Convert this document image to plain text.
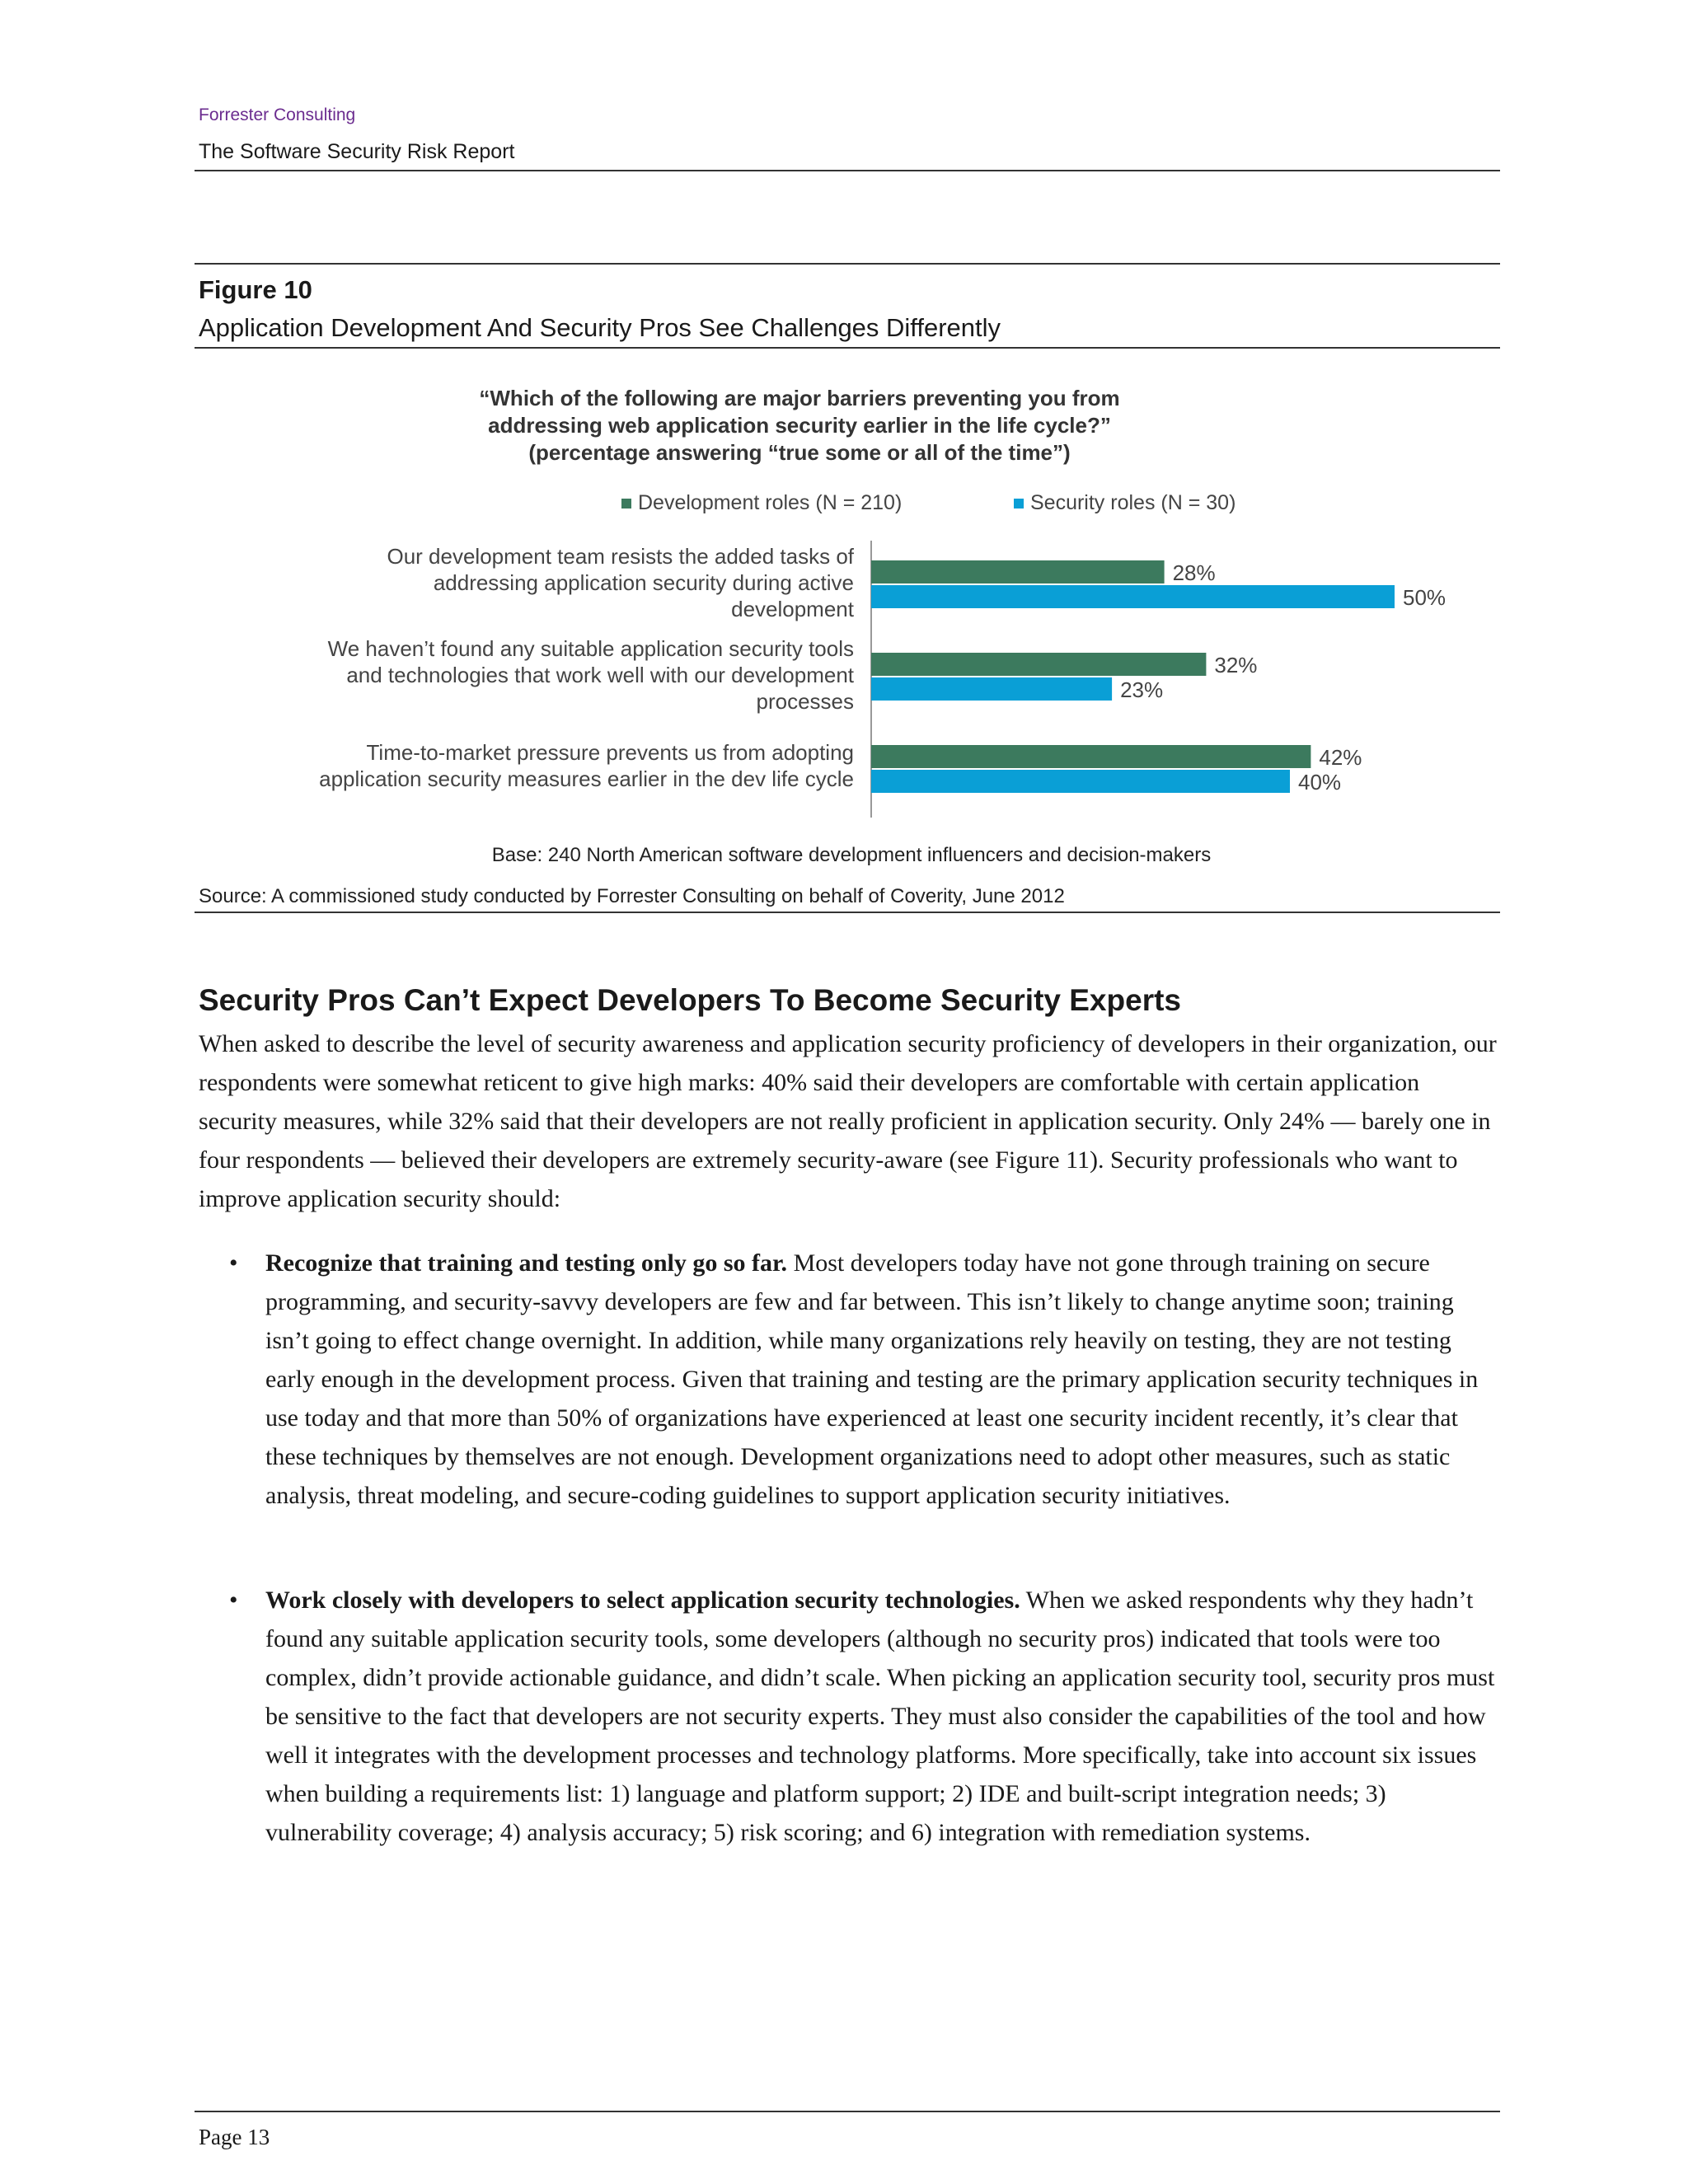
Forrester Consulting
The Software Security Risk Report
Figure 10
Application Development And Security Pros See Challenges Differently
“Which of the following are major barriers preventing you from
addressing web application security earlier in the life cycle?”
(percentage answering “true some or all of the time”)
Development roles (N = 210)	Security roles (N = 30)
Our development team resists the added tasks of
addressing application security during active
development
We haven’t found any suitable application security tools
and technologies that work well with our development
processes
Time-to-market pressure prevents us from adopting
application security measures earlier in the dev life cycle
28%
32%
42%
50%
23%
40%
Base: 240 North American software development influencers and decision-makers
Source: A commissioned study conducted by Forrester Consulting on behalf of Coverity, June 2012
Security Pros Can’t Expect Developers To Become Security Experts
When asked to describe the level of security awareness and application security proficiency of developers in their organization, our respondents were somewhat reticent to give high marks: 40% said their developers are comfortable with certain application security measures, while 32% said that their developers are not really proficient in application security. Only 24% — barely one in four respondents — believed their developers are extremely security-aware (see Figure 11). Security professionals who want to improve application security should:
•	Recognize that training and testing only go so far. Most developers today have not gone through training on secure programming, and security-savvy developers are few and far between. This isn’t likely to change anytime soon; training isn’t going to effect change overnight. In addition, while many organizations rely heavily on testing, they are not testing early enough in the development process. Given that training and testing are the primary application security techniques in use today and that more than 50% of organizations have experienced at least one security incident recently, it’s clear that these techniques by themselves are not enough. Development organizations need to adopt other measures, such as static analysis, threat modeling, and secure-coding guidelines to support application security initiatives.
•	Work closely with developers to select application security technologies. When we asked respondents why they hadn’t found any suitable application security tools, some developers (although no security pros) indicated that tools were too complex, didn’t provide actionable guidance, and didn’t scale. When picking an application security tool, security pros must be sensitive to the fact that developers are not security experts. They must also consider the capabilities of the tool and how well it integrates with the development processes and technology platforms. More specifically, take into account six issues when building a requirements list: 1) language and platform support; 2) IDE and built-script integration needs; 3) vulnerability coverage; 4) analysis accuracy; 5) risk scoring; and 6) integration with remediation systems.
Page 13
